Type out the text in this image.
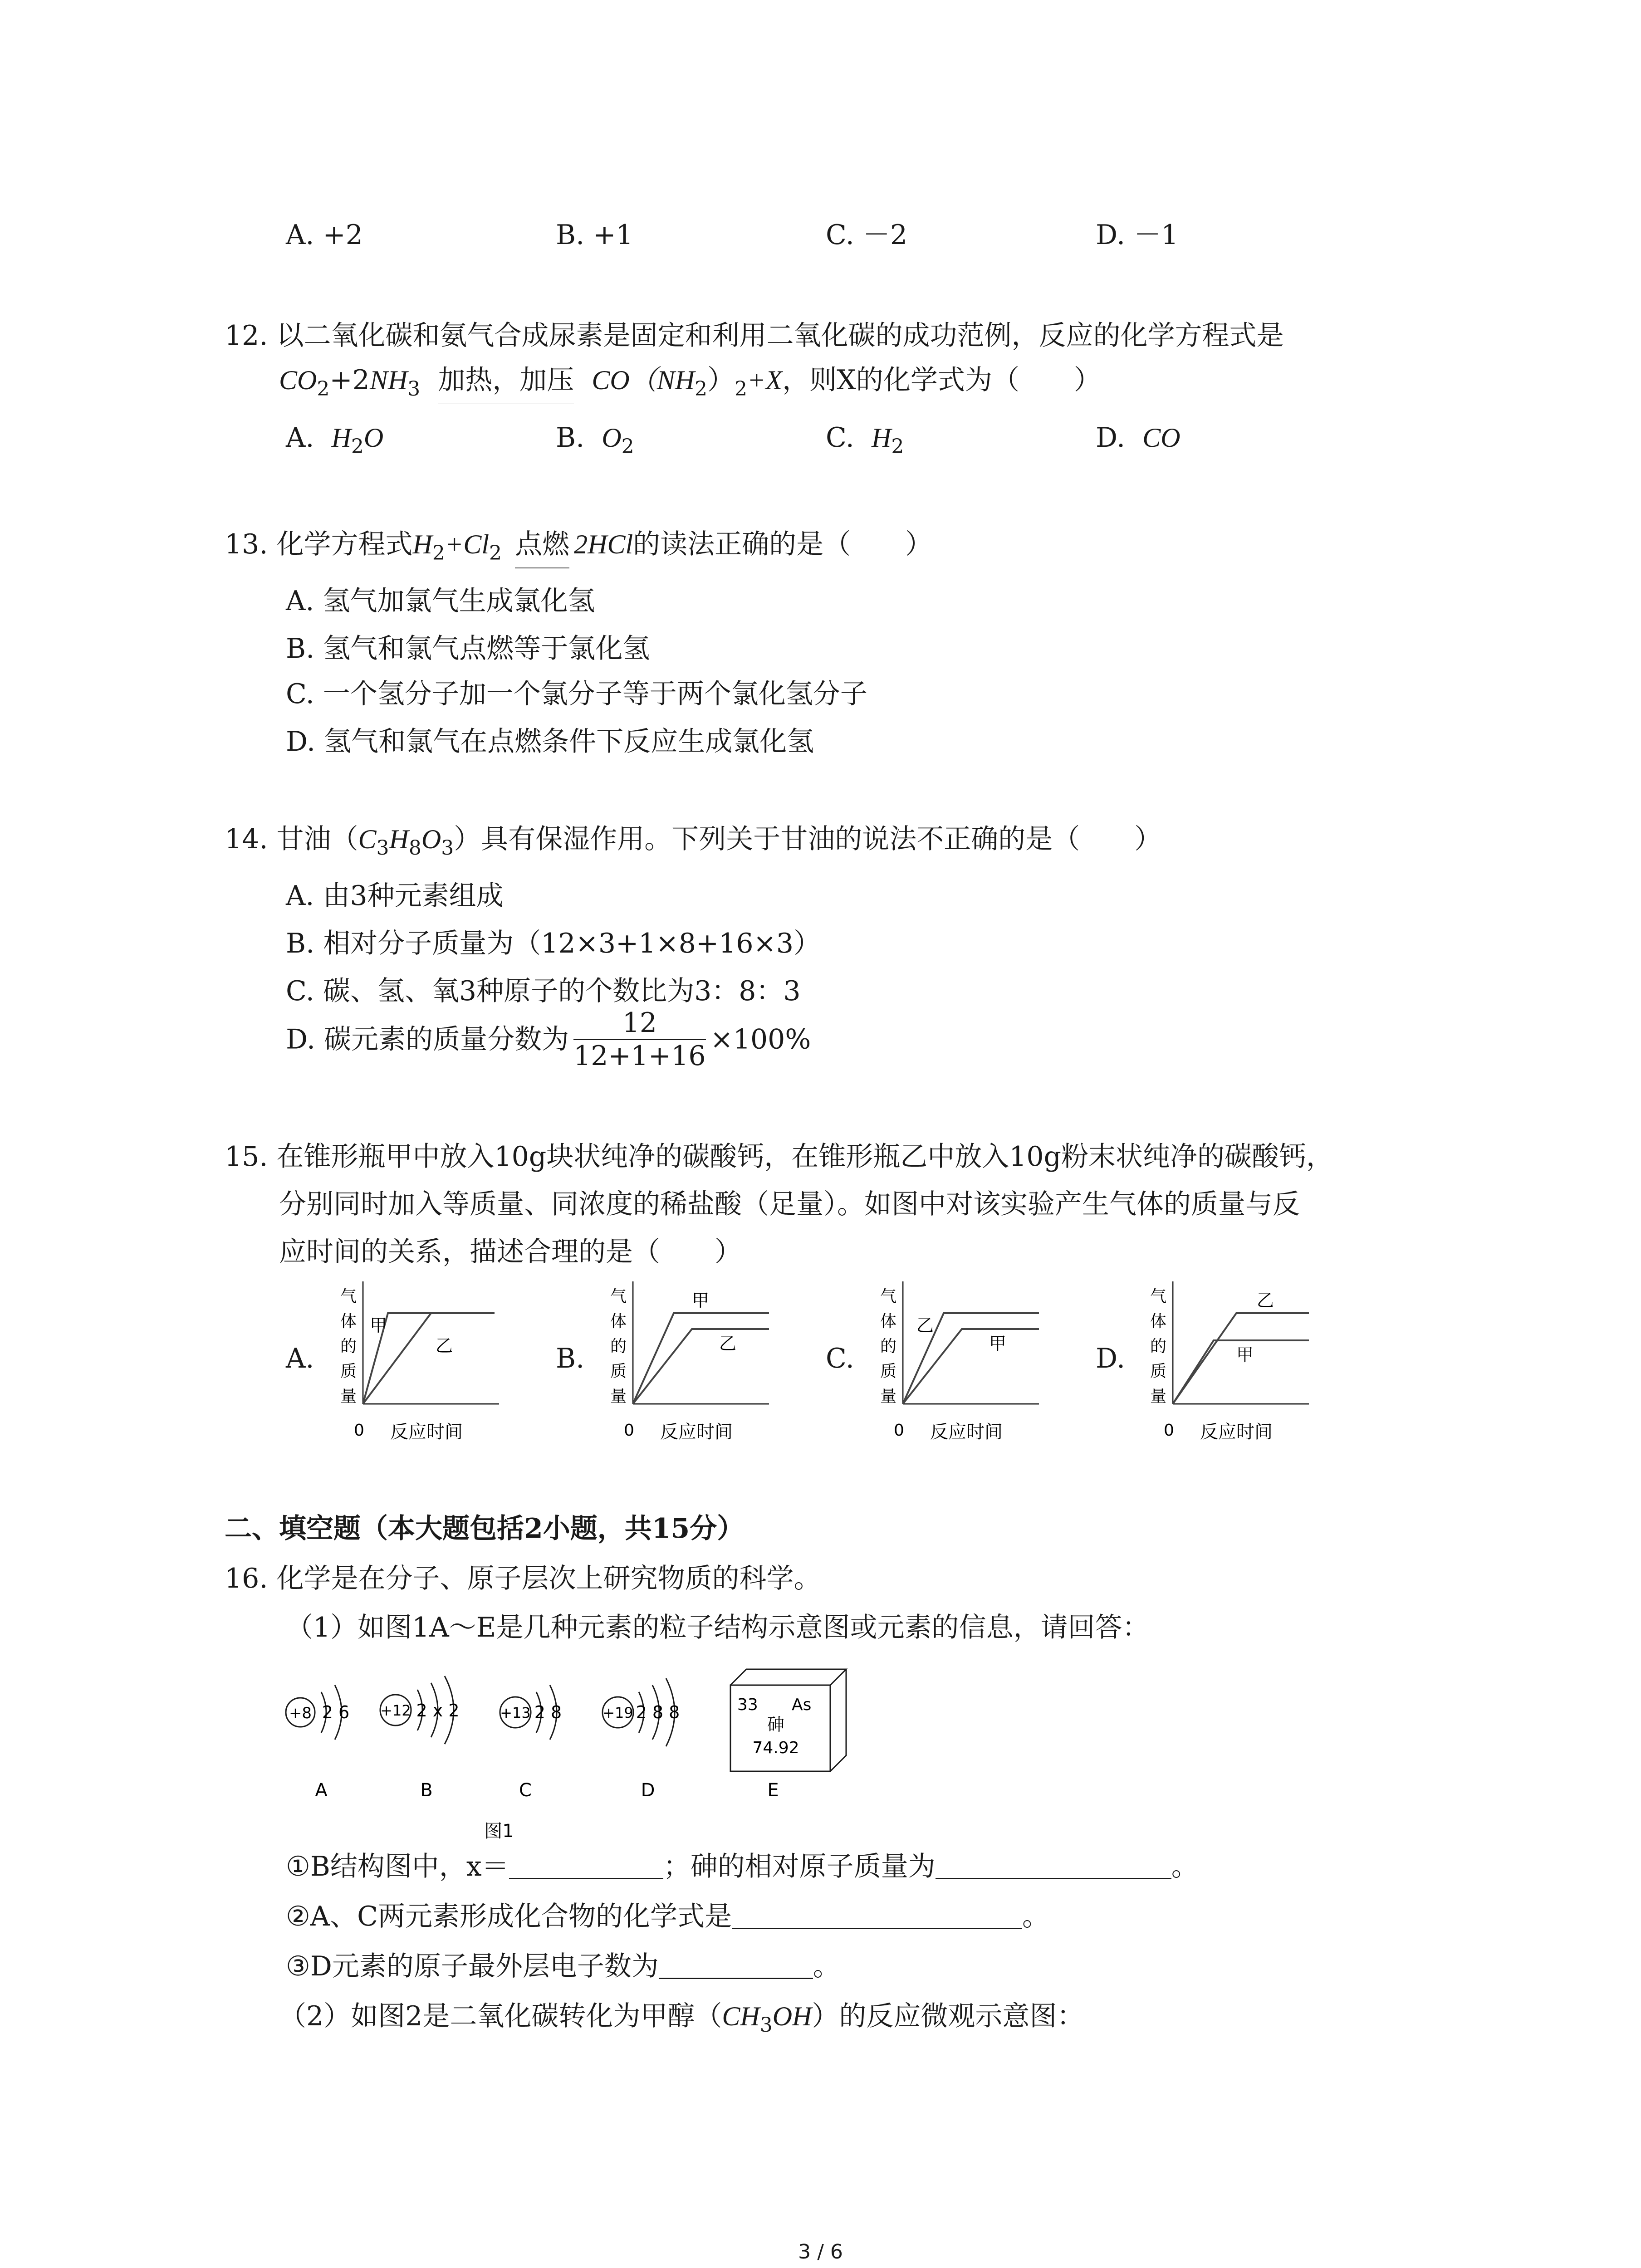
A. +2	B. +1	C. －2	D. －1
12. 以二氧化碳和氨气合成尿素是固定和利用二氧化碳的成功范例，反应的化学方程式是
$CO_2+2NH_3$ 加热，加压 $CO(NH_2)_2+X$，则X的化学式为（　　）
A. $H_2O$	B. $O_2$	C. $H_2$	D. CO
13. 化学方程式$H_2+Cl_2$ 点燃 2HCl的读法正确的是（　　）
A. 氢气加氯气生成氯化氢
B. 氢气和氯气点燃等于氯化氢
C. 一个氢分子加一个氯分子等于两个氯化氢分子
D. 氢气和氯气在点燃条件下反应生成氯化氢
14. 甘油$(C_3H_8O_3)$具有保湿作用。下列关于甘油的说法不正确的是（　　）
A. 由3种元素组成
B. 相对分子质量为（12×3+1×8+16×3）
C. 碳、氢、氧3种原子的个数比为3：8：3
D. 碳元素的质量分数为 $\frac{12}{12+1+16} \times 100\%$
15. 在锥形瓶甲中放入10g块状纯净的碳酸钙，在锥形瓶乙中放入10g粉末状纯净的碳酸钙，
分别同时加入等质量、同浓度的稀盐酸（足量）。如图中对该实验产生气体的质量与反
应时间的关系，描述合理的是（　　）
A.	B.	C.	D.
气
体
的
质
量
0 反应时间
甲
乙
气
体
的
质
量
0 反应时间
甲
乙
气
体
的
质
量
0 反应时间
乙
甲
气
体
的
质
量
0 反应时间
甲
乙
二、填空题（本大题包括2小题，共15分）
16. 化学是在分子、原子层次上研究物质的科学。
（1）如图1A～E是几种元素的粒子结构示意图或元素的信息，请回答：
+8 2 6
A
+12 2 x 2
B
+13 2 8
C
+19 2 8 8
D
33 As
砷
74.92
E
图1
①B结构图中，x＝	；砷的相对原子质量为	。
②A、C两元素形成化合物的化学式是	。
③D元素的原子最外层电子数为	。
（2）如图2是二氧化碳转化为甲醇$(CH_3OH)$的反应微观示意图：
3 / 6
